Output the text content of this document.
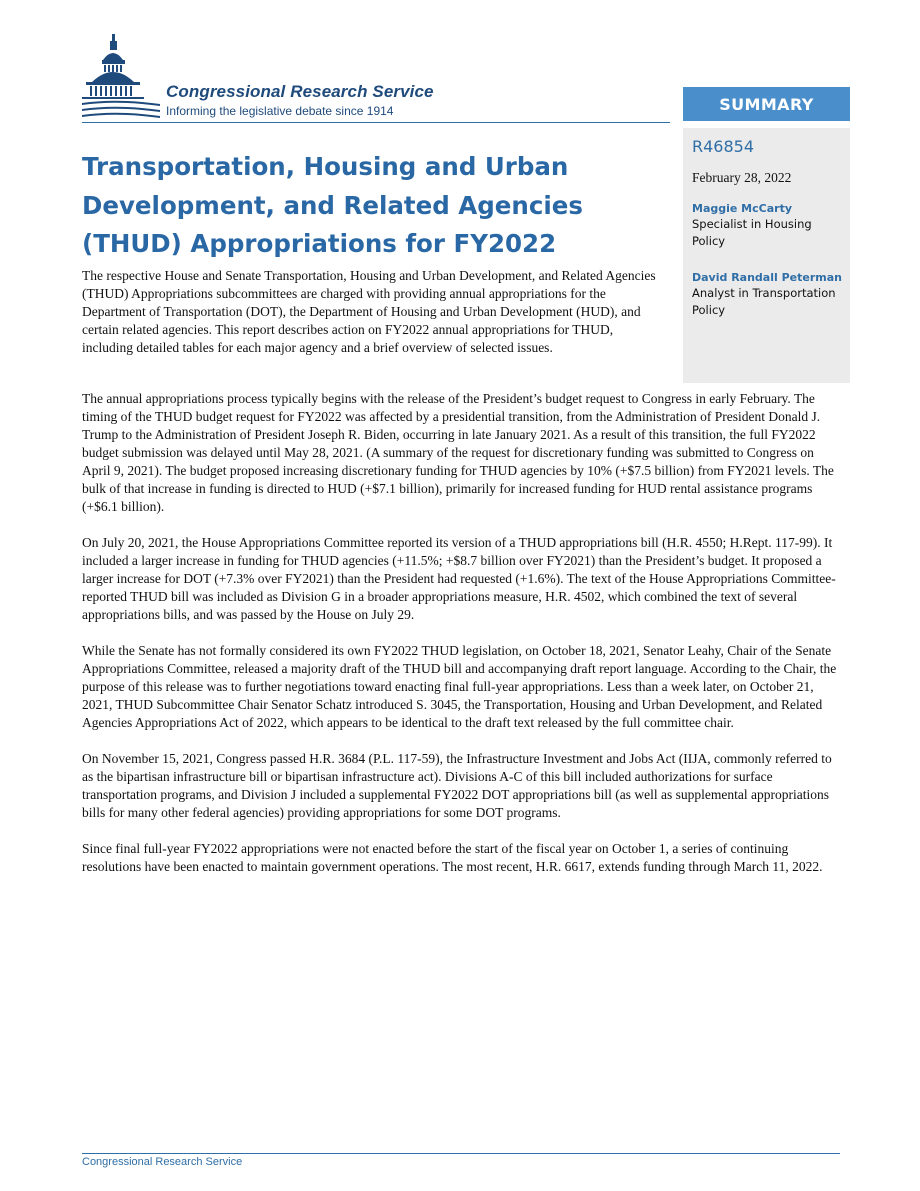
Congressional Research Service
Informing the legislative debate since 1914	SUMMARY
R46854
February 28, 2022
Maggie McCarty
Specialist in Housing Policy
David Randall Peterman
Analyst in Transportation Policy
Transportation, Housing and Urban Development, and Related Agencies (THUD) Appropriations for FY2022

The respective House and Senate Transportation, Housing and Urban Development, and Related Agencies (THUD) Appropriations subcommittees are charged with providing annual appropriations for the Department of Transportation (DOT), the Department of Housing and Urban Development (HUD), and certain related agencies. This report describes action on FY2022 annual appropriations for THUD, including detailed tables for each major agency and a brief overview of selected issues.

The annual appropriations process typically begins with the release of the President’s budget request to Congress in early February. The timing of the THUD budget request for FY2022 was affected by a presidential transition, from the Administration of President Donald J. Trump to the Administration of President Joseph R. Biden, occurring in late January 2021. As a result of this transition, the full FY2022 budget submission was delayed until May 28, 2021. (A summary of the request for discretionary funding was submitted to Congress on April 9, 2021). The budget proposed increasing discretionary funding for THUD agencies by 10% (+$7.5 billion) from FY2021 levels. The bulk of that increase in funding is directed to HUD (+$7.1 billion), primarily for increased funding for HUD rental assistance programs (+$6.1 billion).

On July 20, 2021, the House Appropriations Committee reported its version of a THUD appropriations bill (H.R. 4550; H.Rept. 117-99). It included a larger increase in funding for THUD agencies (+11.5%; +$8.7 billion over FY2021) than the President’s budget. It proposed a larger increase for DOT (+7.3% over FY2021) than the President had requested (+1.6%). The text of the House Appropriations Committee-reported THUD bill was included as Division G in a broader appropriations measure, H.R. 4502, which combined the text of several appropriations bills, and was passed by the House on July 29.

While the Senate has not formally considered its own FY2022 THUD legislation, on October 18, 2021, Senator Leahy, Chair of the Senate Appropriations Committee, released a majority draft of the THUD bill and accompanying draft report language. According to the Chair, the purpose of this release was to further negotiations toward enacting final full-year appropriations. Less than a week later, on October 21, 2021, THUD Subcommittee Chair Senator Schatz introduced S. 3045, the Transportation, Housing and Urban Development, and Related Agencies Appropriations Act of 2022, which appears to be identical to the draft text released by the full committee chair.

On November 15, 2021, Congress passed H.R. 3684 (P.L. 117-59), the Infrastructure Investment and Jobs Act (IIJA, commonly referred to as the bipartisan infrastructure bill or bipartisan infrastructure act). Divisions A-C of this bill included authorizations for surface transportation programs, and Division J included a supplemental FY2022 DOT appropriations bill (as well as supplemental appropriations bills for many other federal agencies) providing appropriations for some DOT programs.

Since final full-year FY2022 appropriations were not enacted before the start of the fiscal year on October 1, a series of continuing resolutions have been enacted to maintain government operations. The most recent, H.R. 6617, extends funding through March 11, 2022.

Congressional Research Service
